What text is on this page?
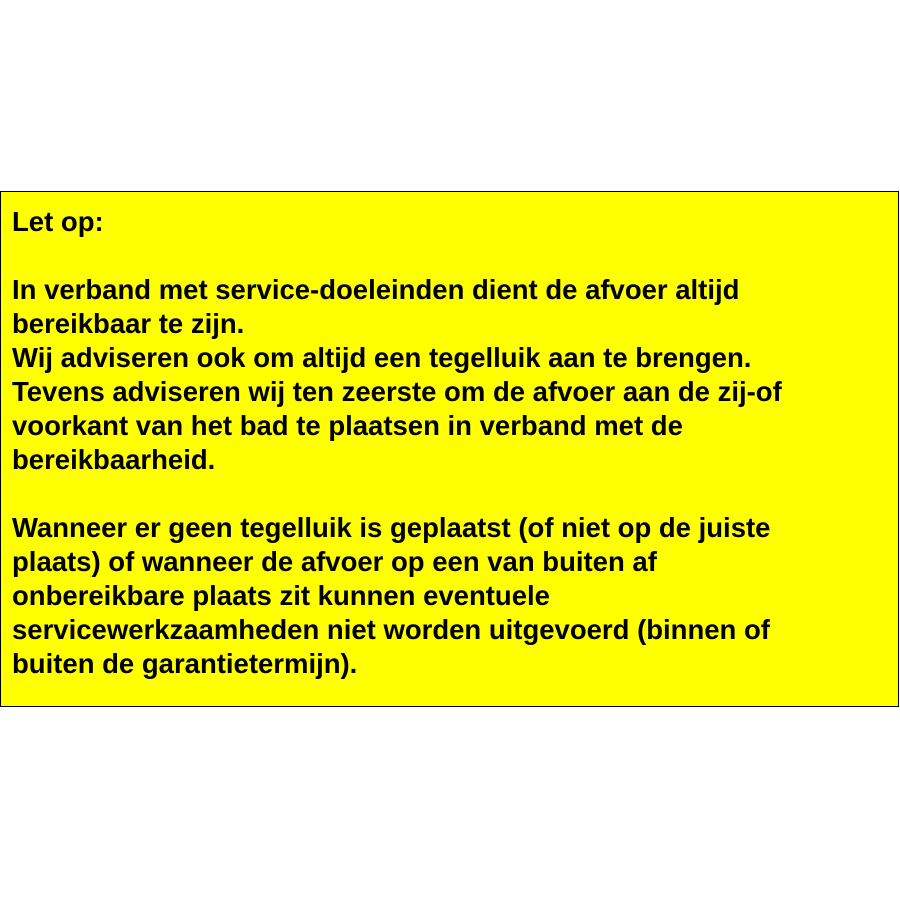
Let op:

In verband met service-doeleinden dient de afvoer altijd
bereikbaar te zijn.
Wij adviseren ook om altijd een tegelluik aan te brengen.
Tevens adviseren wij ten zeerste om de afvoer aan de zij-of
voorkant van het bad te plaatsen in verband met de
bereikbaarheid.

Wanneer er geen tegelluik is geplaatst (of niet op de juiste
plaats) of wanneer de afvoer op een van buiten af
onbereikbare plaats zit kunnen eventuele
servicewerkzaamheden niet worden uitgevoerd (binnen of
buiten de garantietermijn).
